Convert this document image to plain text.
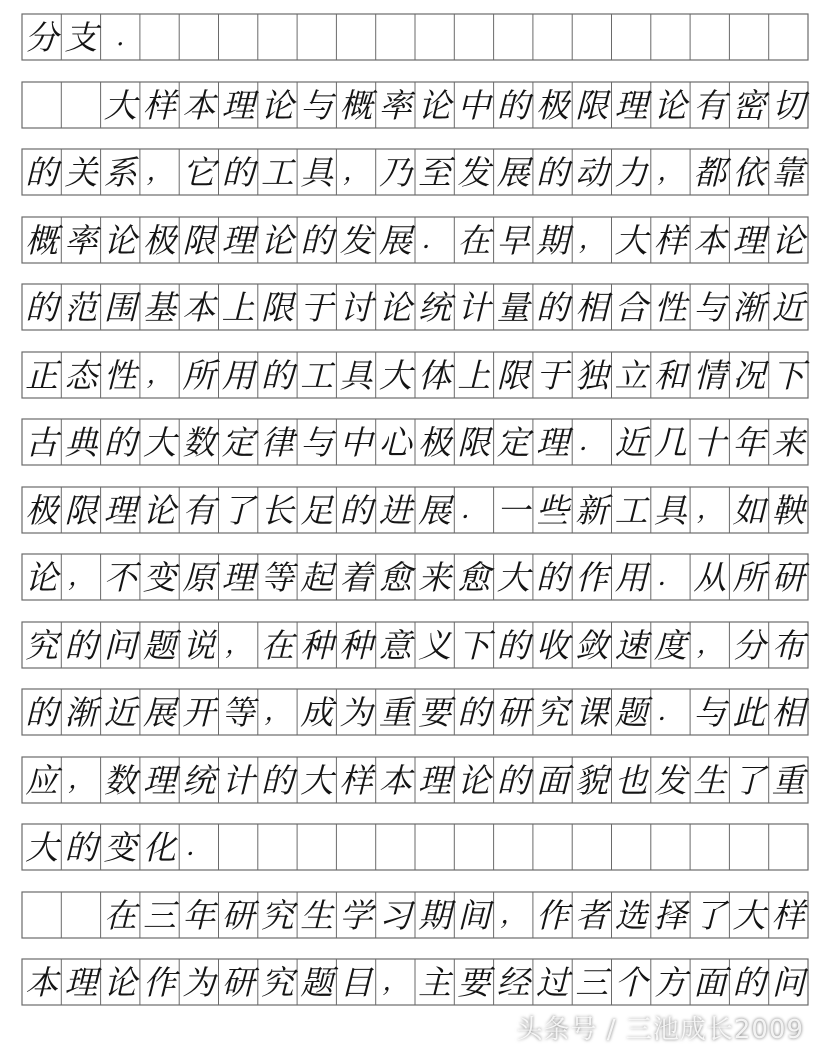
分 支 .
大 样 本 理 论 与 概 率 论 中 的 极 限 理 论 有 密 切
的 关 系 ， 它 的 工 具 ， 乃 至 发 展 的 动 力 ， 都 依 靠
概 率 论 极 限 理 论 的 发 展 ． 在 早 期 ， 大 样 本 理 论
的 范 围 基 本 上 限 于 讨 论 统 计 量 的 相 合 性 与 渐 近
正 态 性 ， 所 用 的 工 具 大 体 上 限 于 独 立 和 情 况 下
古 典 的 大 数 定 律 与 中 心 极 限 定 理 ． 近 几 十 年 来
极 限 理 论 有 了 长 足 的 进 展 ． 一 些 新 工 具 ， 如 鞅
论 ， 不 变 原 理 等 起 着 愈 来 愈 大 的 作 用 ． 从 所 研
究 的 问 题 说 ， 在 种 种 意 义 下 的 收 敛 速 度 ， 分 布
的 渐 近 展 开 等 ， 成 为 重 要 的 研 究 课 题 ． 与 此 相
应 ， 数 理 统 计 的 大 样 本 理 论 的 面 貌 也 发 生 了 重
大 的 变 化 ．
在 三 年 研 究 生 学 习 期 间 ， 作 者 选 择 了 大 样
本 理 论 作 为 研 究 题 目 ， 主 要 经 过 三 个 方 面 的 问
头条号 / 三池成长2009
